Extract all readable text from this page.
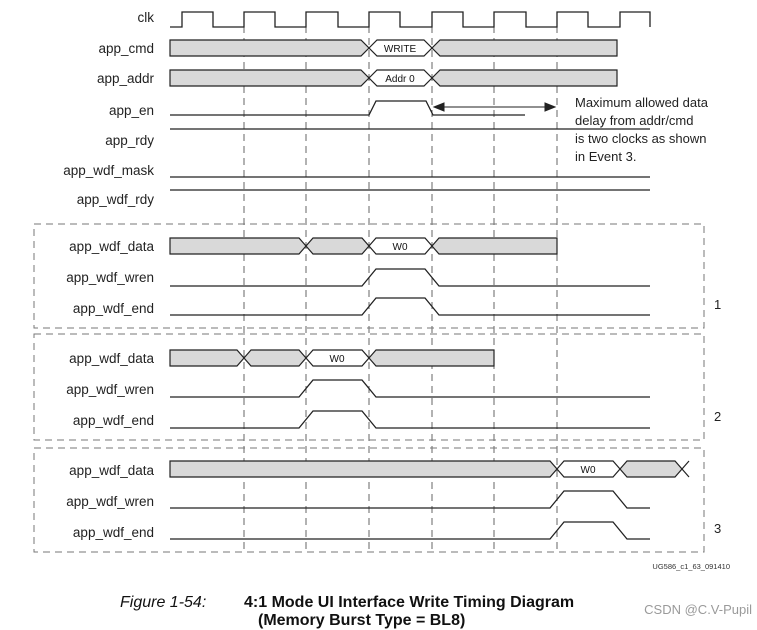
clk
app_cmd
app_addr
app_en
app_rdy
app_wdf_mask
app_wdf_rdy
app_wdf_data
app_wdf_wren
app_wdf_end
app_wdf_data
app_wdf_wren
app_wdf_end
app_wdf_data
app_wdf_wren
app_wdf_end
WRITE
Addr 0
W0
W0
W0
Maximum allowed data
delay from addr/cmd
is two clocks as shown
in Event 3.
1
2
3
UG586_c1_63_091410
Figure 1-54: 4:1 Mode UI Interface Write Timing Diagram
(Memory Burst Type = BL8)
CSDN @C.V-Pupil
